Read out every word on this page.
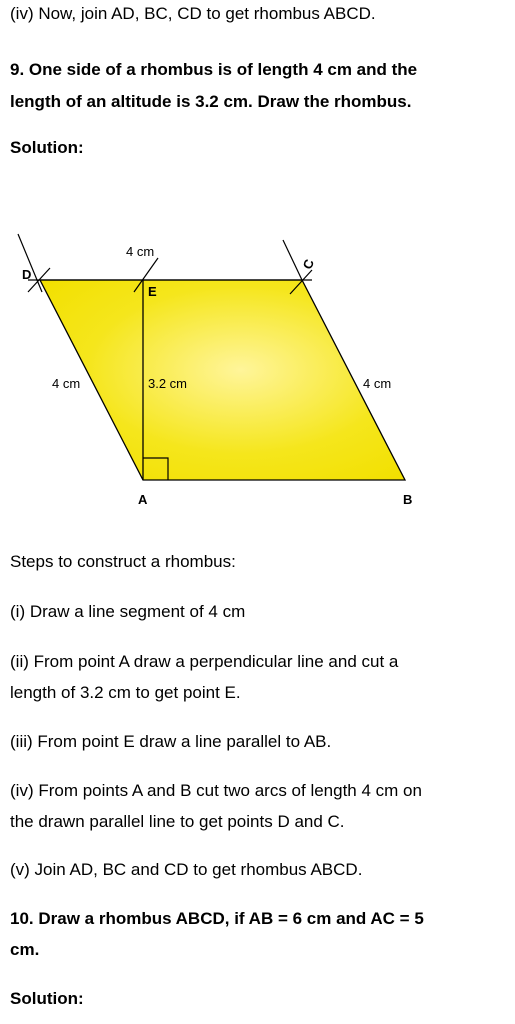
(iv) Now, join AD, BC, CD to get rhombus ABCD.
9. One side of a rhombus is of length 4 cm and the
length of an altitude is 3.2 cm. Draw the rhombus.
Solution:
4 cm
D
E
C
4 cm	3.2 cm	4 cm
A	B
Steps to construct a rhombus:
(i) Draw a line segment of 4 cm
(ii) From point A draw a perpendicular line and cut a
length of 3.2 cm to get point E.
(iii) From point E draw a line parallel to AB.
(iv) From points A and B cut two arcs of length 4 cm on
the drawn parallel line to get points D and C.
(v) Join AD, BC and CD to get rhombus ABCD.
10. Draw a rhombus ABCD, if AB = 6 cm and AC = 5
cm.
Solution:
